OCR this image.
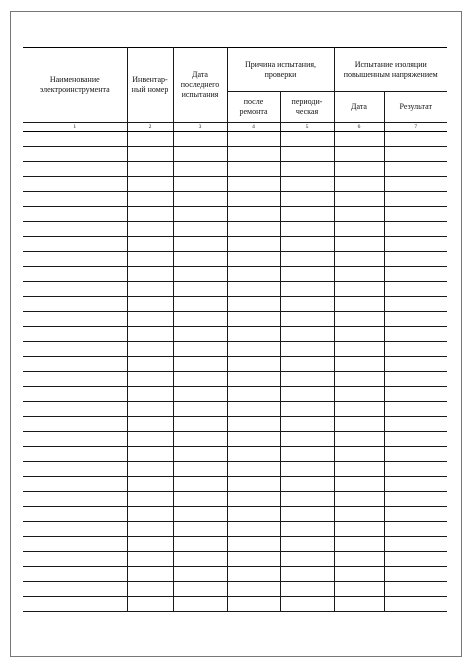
Наименование электроинструмента	Инвентар-ный номер	Дата последнего испытания	Причина испытания, проверки		Испытание изоляции повышенным напряжением	

			после ремонта	периоди-ческая	Дата	Результат

1	2	3	4	5	6	7
